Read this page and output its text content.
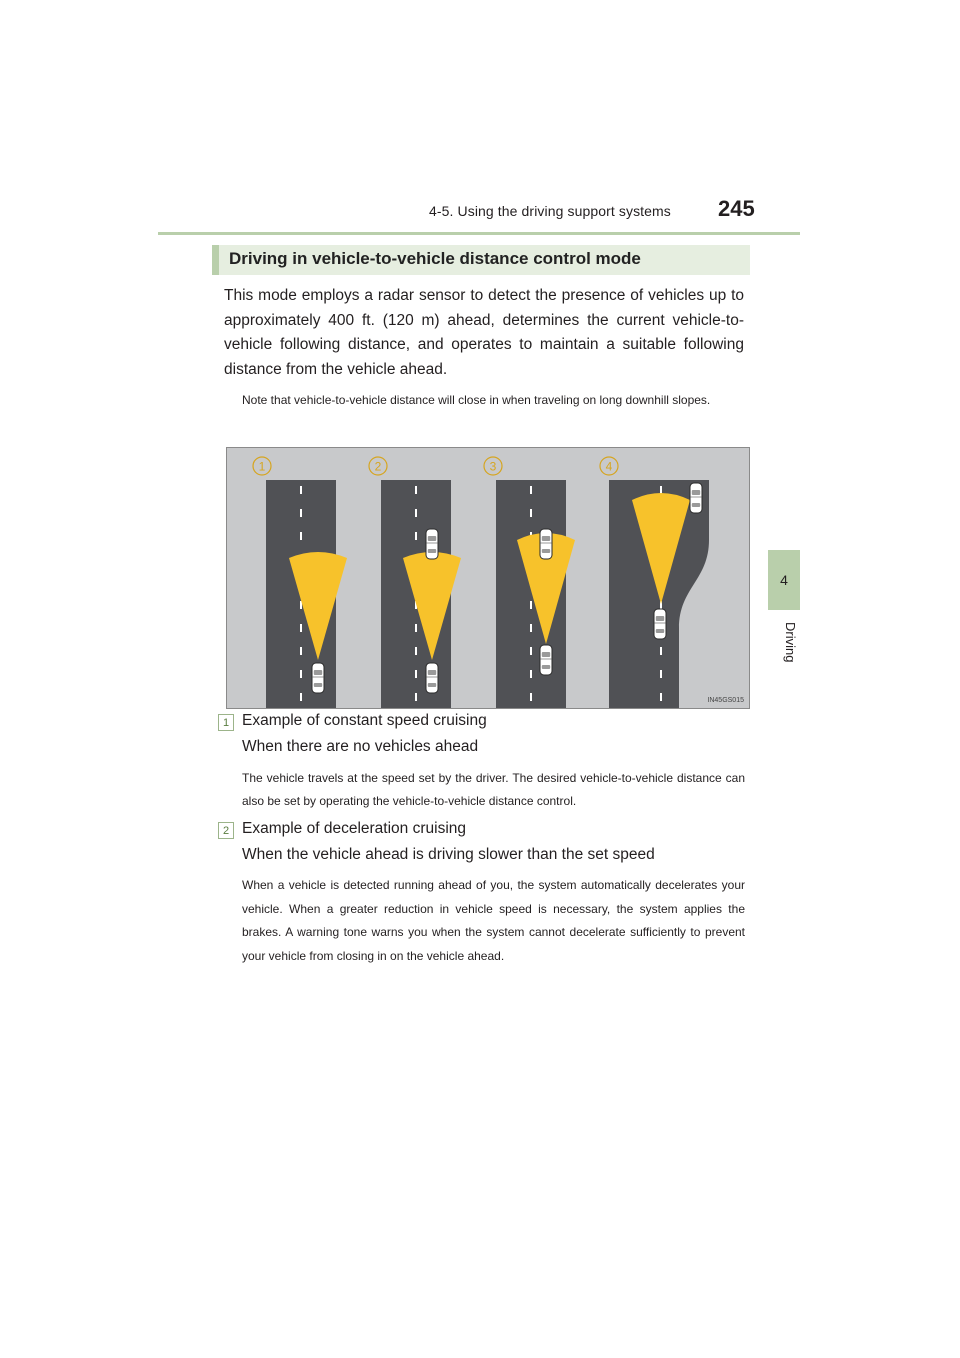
4-5. Using the driving support systems 245
4
Driving
Driving in vehicle-to-vehicle distance control mode

This mode employs a radar sensor to detect the presence of vehicles up to approximately 400 ft. (120 m) ahead, determines the current vehicle-to-vehicle following distance, and operates to maintain a suitable following distance from the vehicle ahead.

Note that vehicle-to-vehicle distance will close in when traveling on long downhill slopes.

1	2	3	4
IN45GS015
1 Example of constant speed cruising
When there are no vehicles ahead

The vehicle travels at the speed set by the driver. The desired vehicle-to-vehicle distance can also be set by operating the vehicle-to-vehicle distance control.

2 Example of deceleration cruising
When the vehicle ahead is driving slower than the set speed

When a vehicle is detected running ahead of you, the system automatically decelerates your vehicle. When a greater reduction in vehicle speed is necessary, the system applies the brakes. A warning tone warns you when the system cannot decelerate sufficiently to prevent your vehicle from closing in on the vehicle ahead.
